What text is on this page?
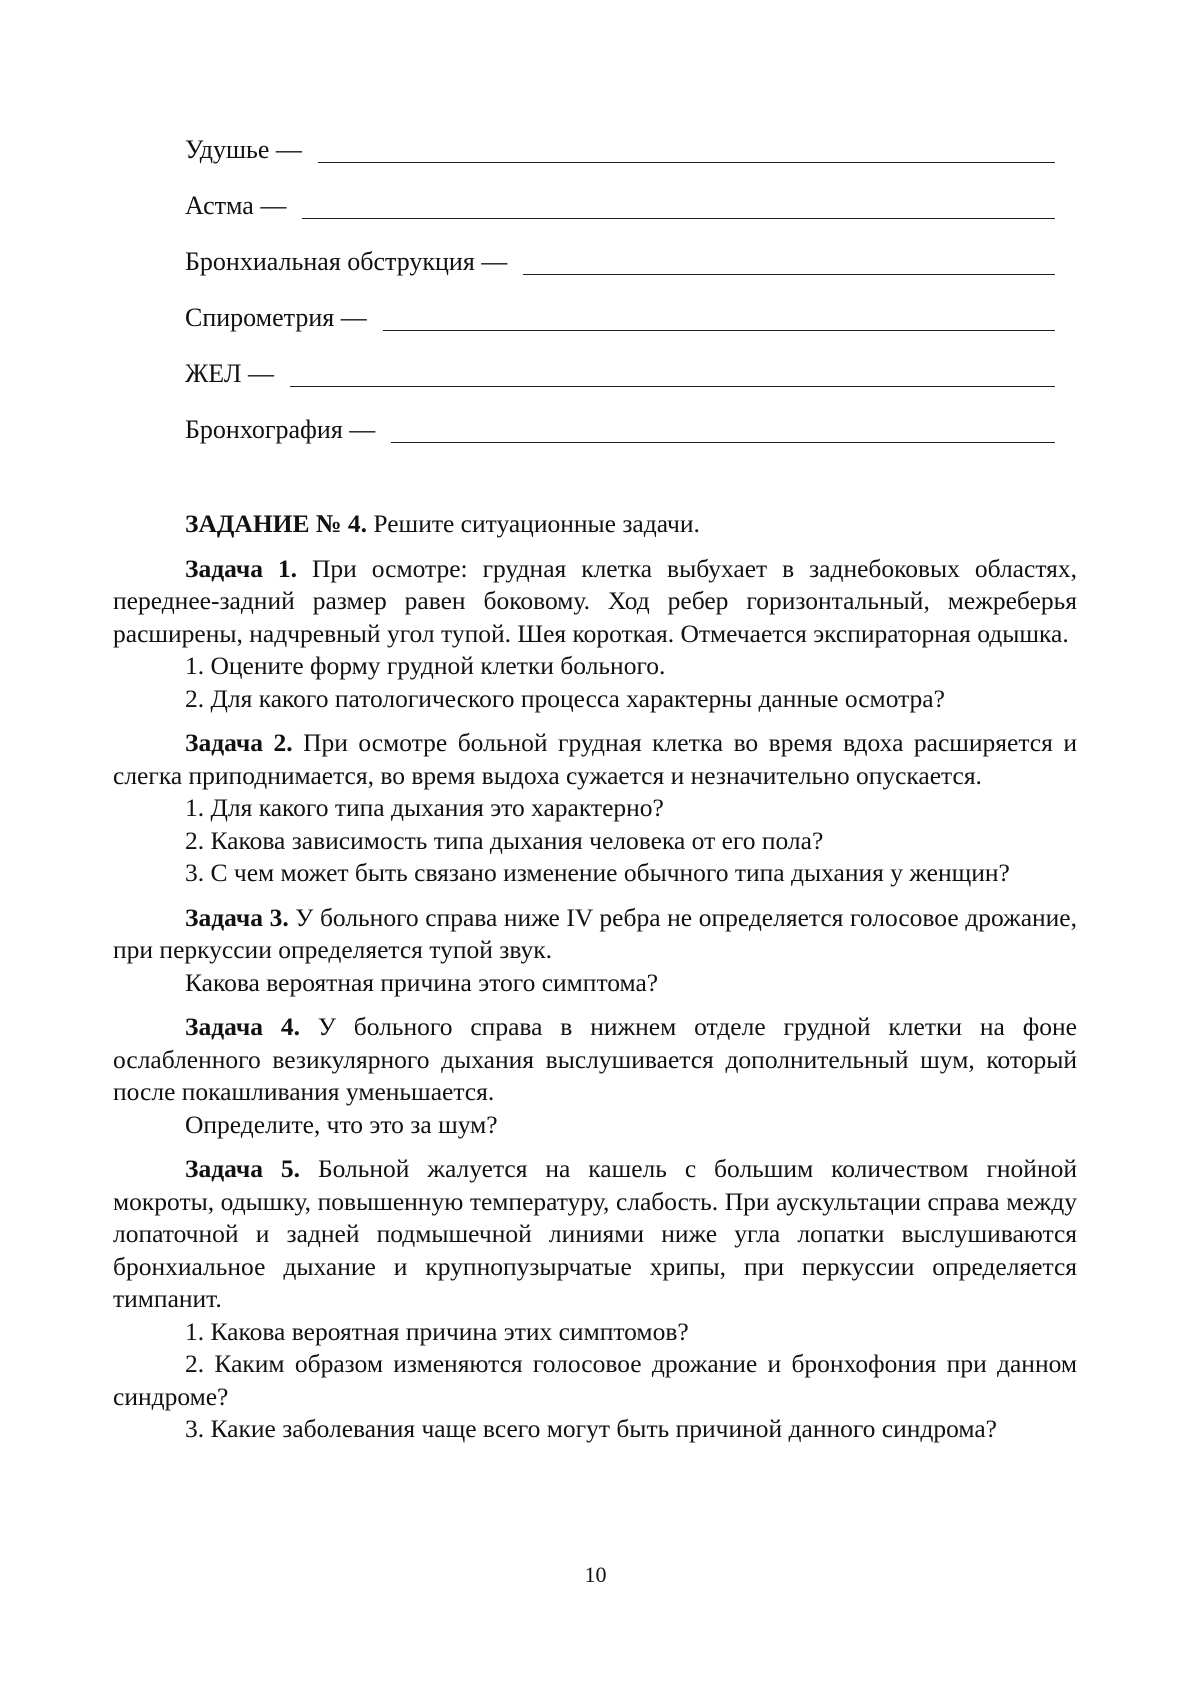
Удушье —
Астма —
Бронхиальная обструкция —
Спирометрия —
ЖЕЛ —
Бронхография —

ЗАДАНИЕ № 4. Решите ситуационные задачи.

Задача 1. При осмотре: грудная клетка выбухает в заднебоковых областях, переднее-задний размер равен боковому. Ход ребер горизонтальный, межреберья расширены, надчревный угол тупой. Шея короткая. Отмечается экспираторная одышка.

1. Оцените форму грудной клетки больного.

2. Для какого патологического процесса характерны данные осмотра?

Задача 2. При осмотре больной грудная клетка во время вдоха расширяется и слегка приподнимается, во время выдоха сужается и незначительно опускается.

1. Для какого типа дыхания это характерно?

2. Какова зависимость типа дыхания человека от его пола?

3. С чем может быть связано изменение обычного типа дыхания у женщин?

Задача 3. У больного справа ниже IV ребра не определяется голосовое дрожание, при перкуссии определяется тупой звук.

Какова вероятная причина этого симптома?

Задача 4. У больного справа в нижнем отделе грудной клетки на фоне ослабленного везикулярного дыхания выслушивается дополнительный шум, который после покашливания уменьшается.

Определите, что это за шум?

Задача 5. Больной жалуется на кашель с большим количеством гнойной мокроты, одышку, повышенную температуру, слабость. При аускультации справа между лопаточной и задней подмышечной линиями ниже угла лопатки выслушиваются бронхиальное дыхание и крупнопузырчатые хрипы, при перкуссии определяется тимпанит.

1. Какова вероятная причина этих симптомов?

2. Каким образом изменяются голосовое дрожание и бронхофония при данном синдроме?

3. Какие заболевания чаще всего могут быть причиной данного синдрома?

10
